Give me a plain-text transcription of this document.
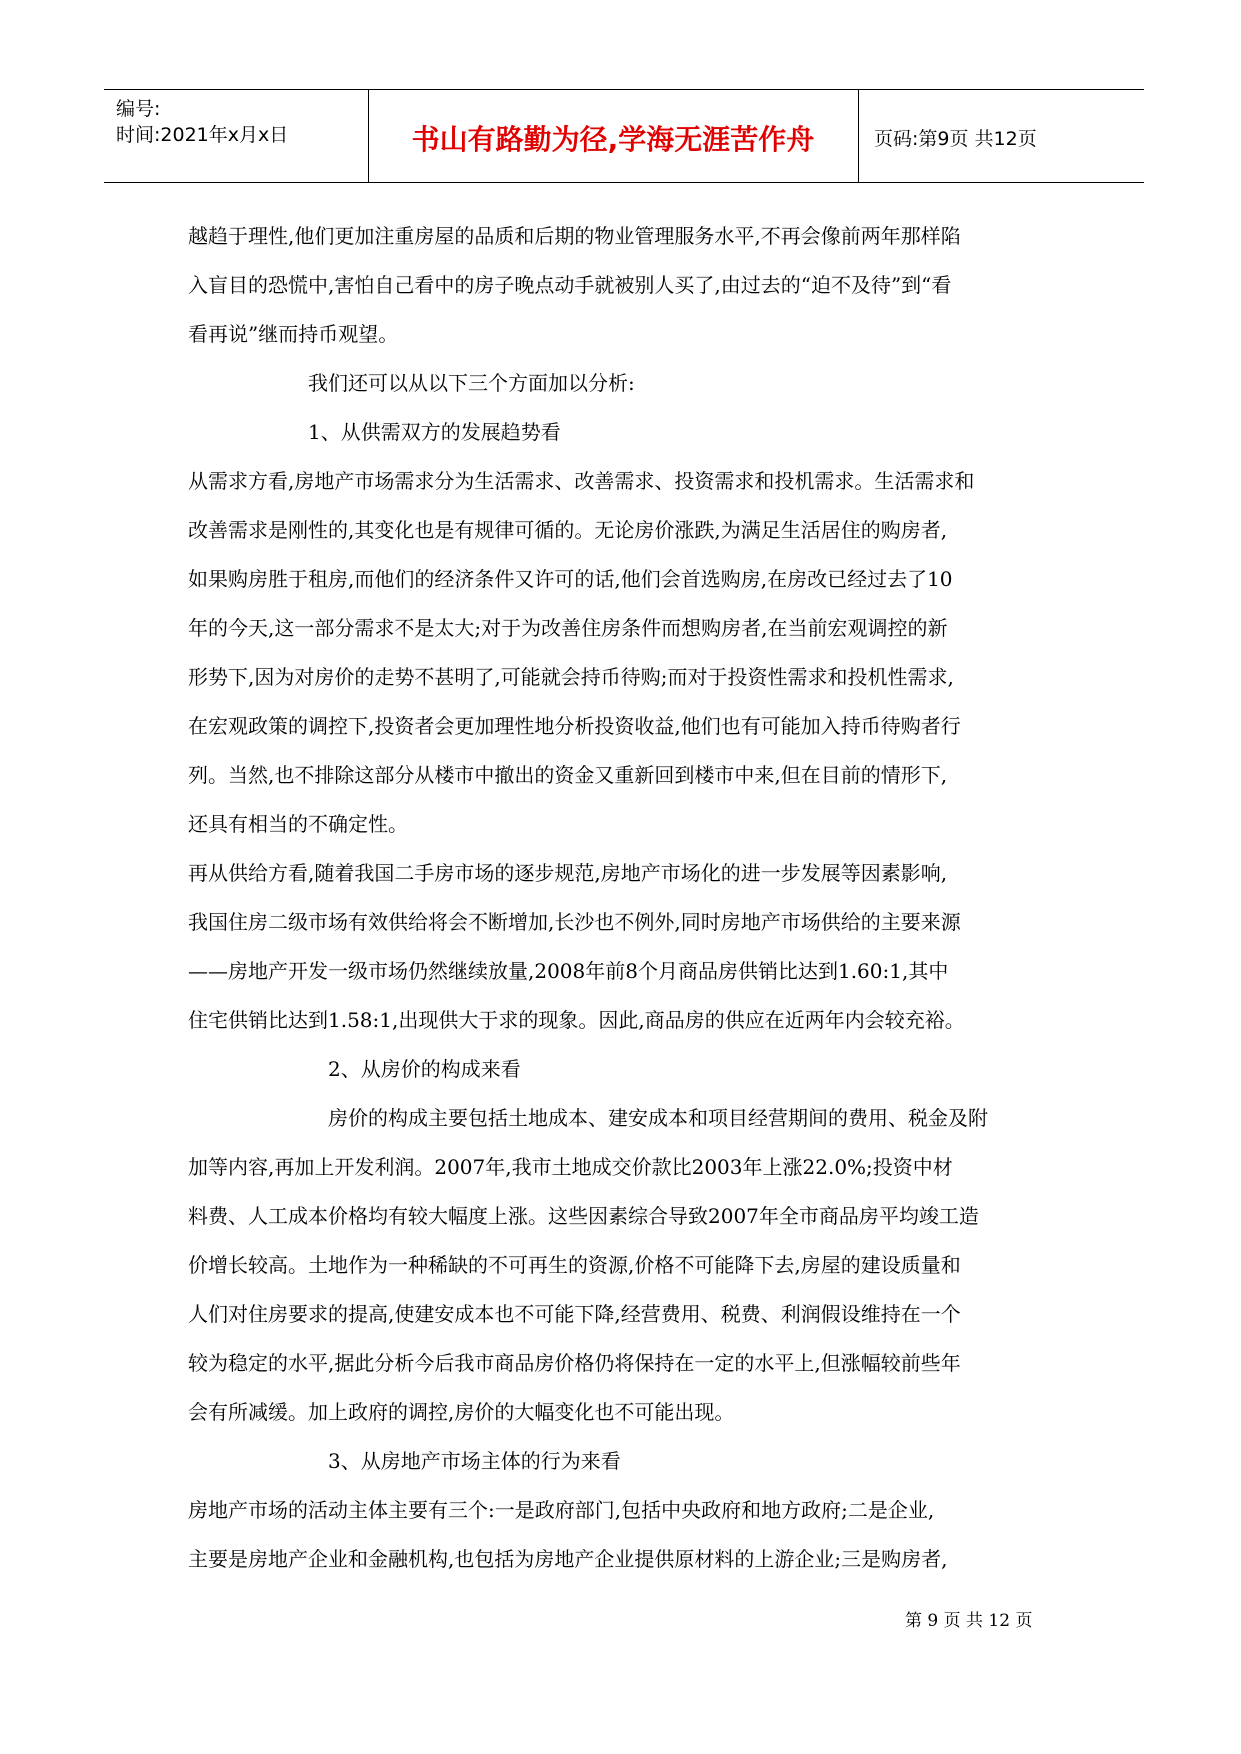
编号:
时间:2021年x月x日	书山有路勤为径,学海无涯苦作舟	页码:第9页 共12页
越趋于理性,他们更加注重房屋的品质和后期的物业管理服务水平,不再会像前两年那样陷
入盲目的恐慌中,害怕自己看中的房子晚点动手就被别人买了,由过去的“迫不及待”到“看
看再说”继而持币观望。
我们还可以从以下三个方面加以分析:
1、从供需双方的发展趋势看
从需求方看,房地产市场需求分为生活需求、改善需求、投资需求和投机需求。生活需求和
改善需求是刚性的,其变化也是有规律可循的。无论房价涨跌,为满足生活居住的购房者,
如果购房胜于租房,而他们的经济条件又许可的话,他们会首选购房,在房改已经过去了10
年的今天,这一部分需求不是太大;对于为改善住房条件而想购房者,在当前宏观调控的新
形势下,因为对房价的走势不甚明了,可能就会持币待购;而对于投资性需求和投机性需求,
在宏观政策的调控下,投资者会更加理性地分析投资收益,他们也有可能加入持币待购者行
列。当然,也不排除这部分从楼市中撤出的资金又重新回到楼市中来,但在目前的情形下,
还具有相当的不确定性。
再从供给方看,随着我国二手房市场的逐步规范,房地产市场化的进一步发展等因素影响,
我国住房二级市场有效供给将会不断增加,长沙也不例外,同时房地产市场供给的主要来源
——房地产开发一级市场仍然继续放量,2008年前8个月商品房供销比达到1.60:1,其中
住宅供销比达到1.58:1,出现供大于求的现象。因此,商品房的供应在近两年内会较充裕。
2、从房价的构成来看
房价的构成主要包括土地成本、建安成本和项目经营期间的费用、税金及附
加等内容,再加上开发利润。2007年,我市土地成交价款比2003年上涨22.0%;投资中材
料费、人工成本价格均有较大幅度上涨。这些因素综合导致2007年全市商品房平均竣工造
价增长较高。土地作为一种稀缺的不可再生的资源,价格不可能降下去,房屋的建设质量和
人们对住房要求的提高,使建安成本也不可能下降,经营费用、税费、利润假设维持在一个
较为稳定的水平,据此分析今后我市商品房价格仍将保持在一定的水平上,但涨幅较前些年
会有所减缓。加上政府的调控,房价的大幅变化也不可能出现。
3、从房地产市场主体的行为来看
房地产市场的活动主体主要有三个:一是政府部门,包括中央政府和地方政府;二是企业,
主要是房地产企业和金融机构,也包括为房地产企业提供原材料的上游企业;三是购房者,
第 9 页 共 12 页
